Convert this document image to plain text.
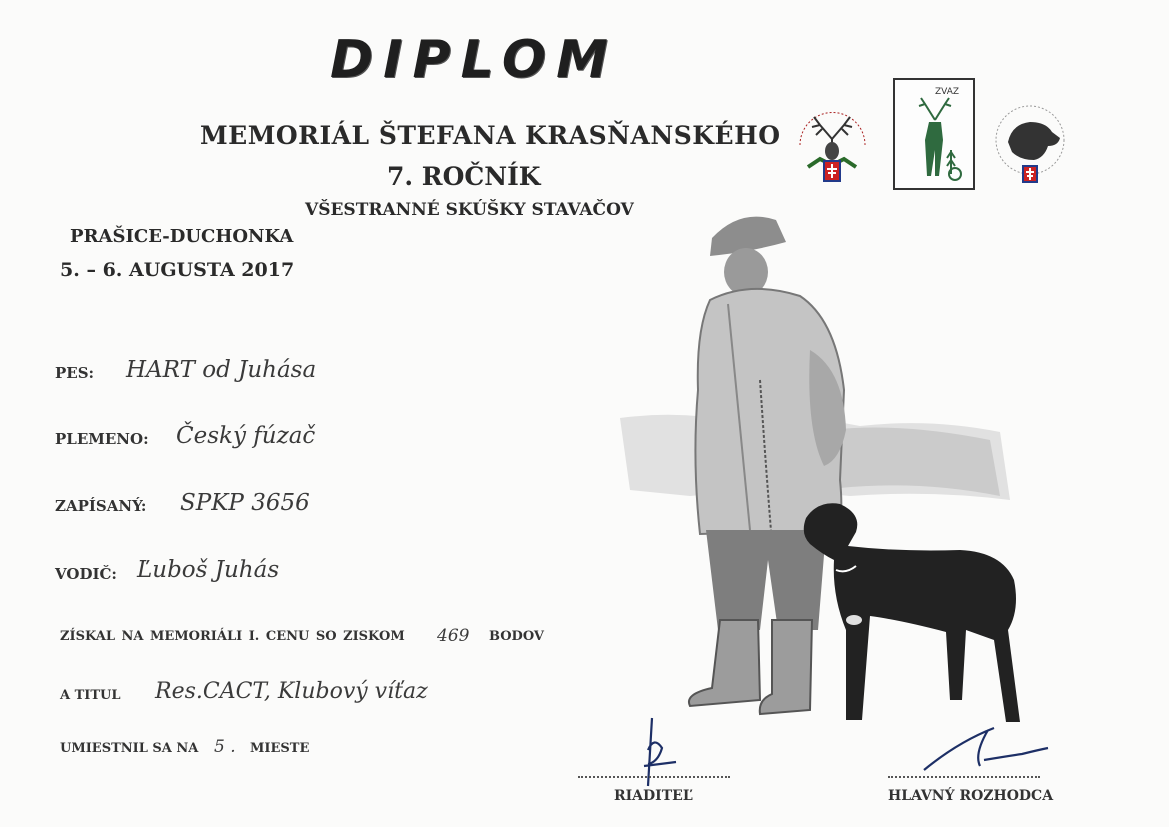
DIPLOM
MEMORIÁL ŠTEFANA KRASŇANSKÉHO
7. ROČNÍK
VŠESTRANNÉ SKÚŠKY STAVAČOV
PRAŠICE-DUCHONKA
5. – 6. AUGUSTA 2017
ZVAZ
PES: HART od Juhása
PLEMENO: Český fúzač
ZAPÍSANÝ: SPKP 3656
VODIČ: Ľuboš Juhás
ZÍSKAL NA MEMORIÁLI I. CENU SO ZISKOM 469 BODOV
A TITUL Res.CACT, Klubový víťaz
UMIESTNIL SA NA 5 . MIESTE
RIADITEĽ	HLAVNÝ ROZHODCA
